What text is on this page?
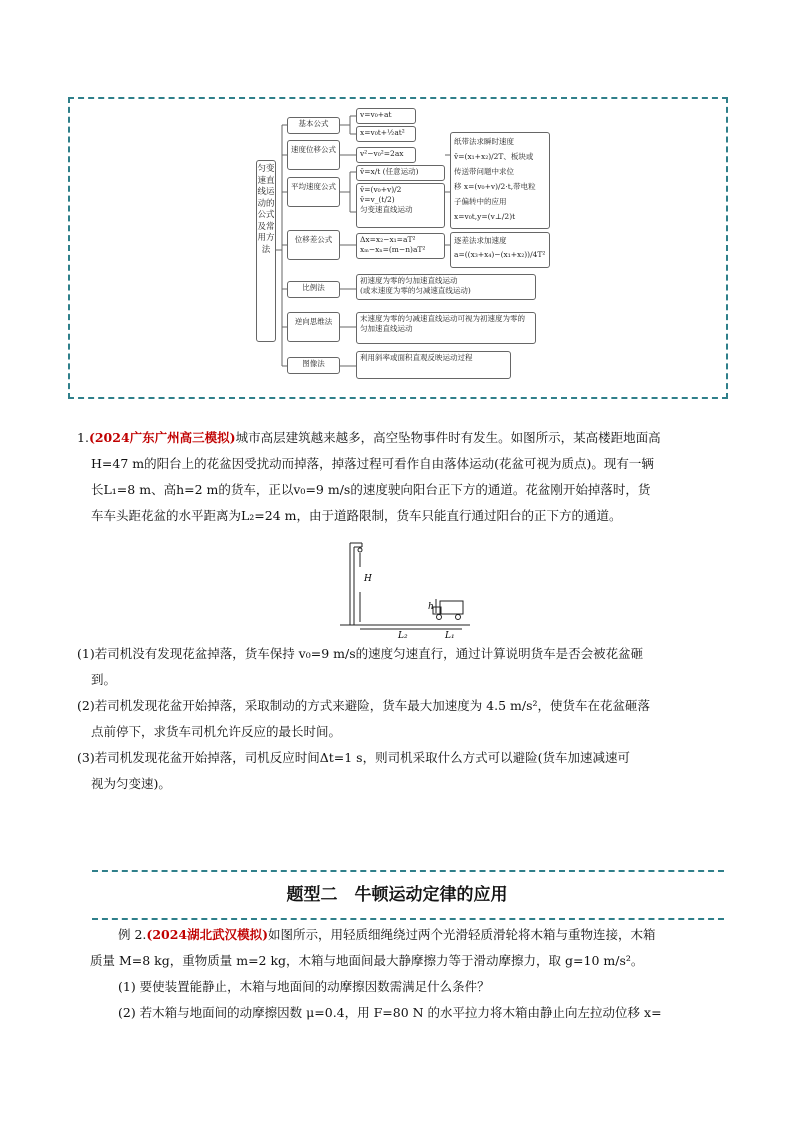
匀变速直线运动的公式及常用方法
基本公式
速度位移公式
平均速度公式
位移差公式
比例法
逆向思维法
图像法
v=v₀+at
x=v₀t+½at²
v²−v₀²=2ax
v̄=x/t (任意运动)
v̄=(v₀+v)/2
v̄=v_(t/2)
匀变速直线运动
Δx=x₂−x₁=aT²
xₘ−xₙ=(m−n)aT²
初速度为零的匀加速直线运动
(或末速度为零的匀减速直线运动)
末速度为零的匀减速直线运动可视为初速度为零的匀加速直线运动
利用斜率或面积直观反映运动过程
纸带法求瞬时速度
v̄=(x₁+x₂)/2T、板块或
传送带问题中求位
移 x=(v₀+v)/2·t,带电粒
子偏转中的应用
x=v₀t,y=(v⊥/2)t
逐差法求加速度
a=((x₃+x₄)−(x₁+x₂))/4T²
1.(2024广东广州高三模拟)城市高层建筑越来越多，高空坠物事件时有发生。如图所示，某高楼距地面高
H=47 m的阳台上的花盆因受扰动而掉落，掉落过程可看作自由落体运动(花盆可视为质点)。现有一辆
长L₁=8 m、高h=2 m的货车，正以v₀=9 m/s的速度驶向阳台正下方的通道。花盆刚开始掉落时，货
车车头距花盆的水平距离为L₂=24 m，由于道路限制，货车只能直行通过阳台的正下方的通道。
H
h
L₂	L₁
(1)若司机没有发现花盆掉落，货车保持 v₀=9 m/s的速度匀速直行，通过计算说明货车是否会被花盆砸
到。
(2)若司机发现花盆开始掉落，采取制动的方式来避险，货车最大加速度为 4.5 m/s²，使货车在花盆砸落
点前停下，求货车司机允许反应的最长时间。
(3)若司机发现花盆开始掉落，司机反应时间Δt=1 s，则司机采取什么方式可以避险(货车加速减速可
视为匀变速)。
题型二　牛顿运动定律的应用
例 2.(2024湖北武汉模拟)如图所示，用轻质细绳绕过两个光滑轻质滑轮将木箱与重物连接，木箱
质量 M=8 kg，重物质量 m=2 kg，木箱与地面间最大静摩擦力等于滑动摩擦力，取 g=10 m/s²。
(1) 要使装置能静止，木箱与地面间的动摩擦因数需满足什么条件？
(2) 若木箱与地面间的动摩擦因数 μ=0.4，用 F=80 N 的水平拉力将木箱由静止向左拉动位移 x=
